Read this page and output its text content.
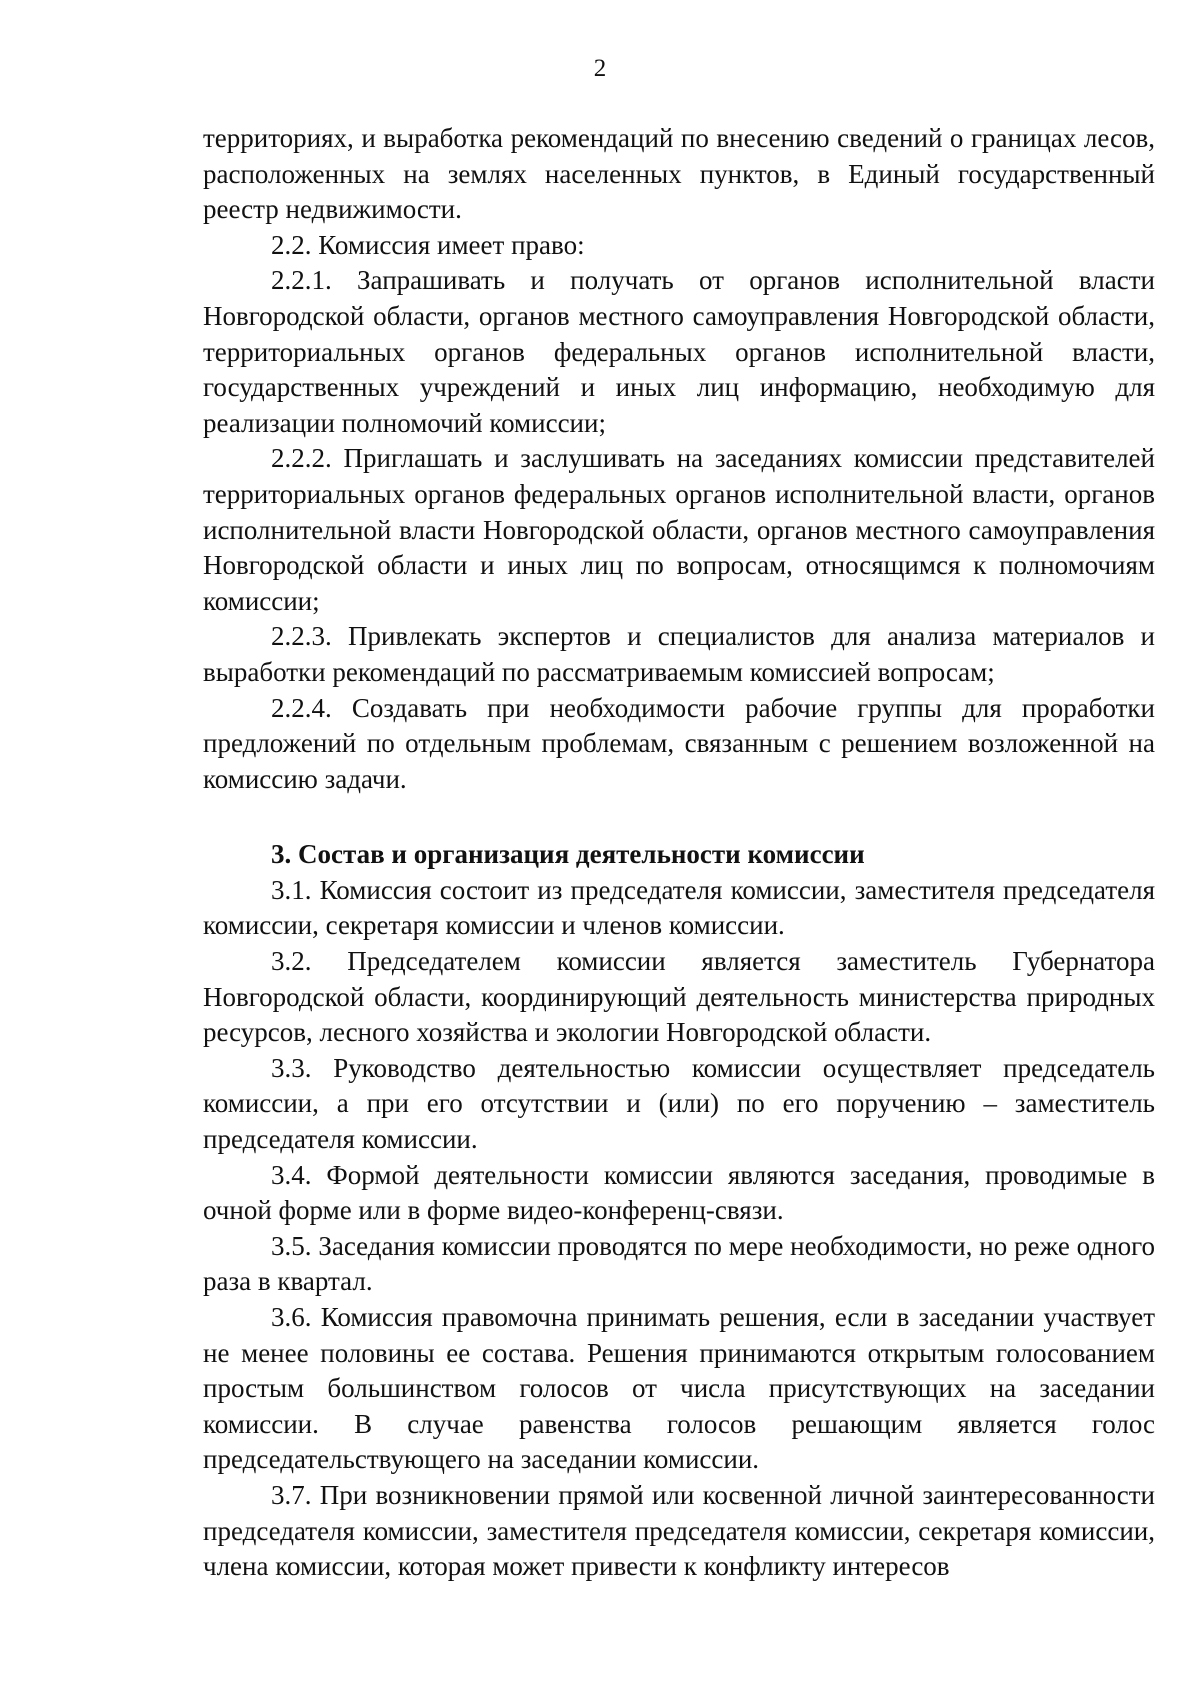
2

территориях, и выработка рекомендаций по внесению сведений о границах лесов, расположенных на землях населенных пунктов, в Единый государственный реестр недвижимости.

2.2. Комиссия имеет право:

2.2.1. Запрашивать и получать от органов исполнительной власти Новгородской области, органов местного самоуправления Новгородской области, территориальных органов федеральных органов исполнительной власти, государственных учреждений и иных лиц информацию, необходимую для реализации полномочий комиссии;

2.2.2. Приглашать и заслушивать на заседаниях комиссии представителей территориальных органов федеральных органов исполнительной власти, органов исполнительной власти Новгородской области, органов местного самоуправления Новгородской области и иных лиц по вопросам, относящимся к полномочиям комиссии;

2.2.3. Привлекать экспертов и специалистов для анализа материалов и выработки рекомендаций по рассматриваемым комиссией вопросам;

2.2.4. Создавать при необходимости рабочие группы для проработки предложений по отдельным проблемам, связанным с решением возложенной на комиссию задачи.

3. Состав и организация деятельности комиссии

3.1. Комиссия состоит из председателя комиссии, заместителя председателя комиссии, секретаря комиссии и членов комиссии.

3.2. Председателем комиссии является заместитель Губернатора Новгородской области, координирующий деятельность министерства природных ресурсов, лесного хозяйства и экологии Новгородской области.

3.3. Руководство деятельностью комиссии осуществляет председатель комиссии, а при его отсутствии и (или) по его поручению – заместитель председателя комиссии.

3.4. Формой деятельности комиссии являются заседания, проводимые в очной форме или в форме видео-конференц-связи.

3.5. Заседания комиссии проводятся по мере необходимости, но реже одного раза в квартал.

3.6. Комиссия правомочна принимать решения, если в заседании участвует не менее половины ее состава. Решения принимаются открытым голосованием простым большинством голосов от числа присутствующих на заседании комиссии. В случае равенства голосов решающим является голос председательствующего на заседании комиссии.

3.7. При возникновении прямой или косвенной личной заинтересованности председателя комиссии, заместителя председателя комиссии, секретаря комиссии, члена комиссии, которая может привести к конфликту интересов
